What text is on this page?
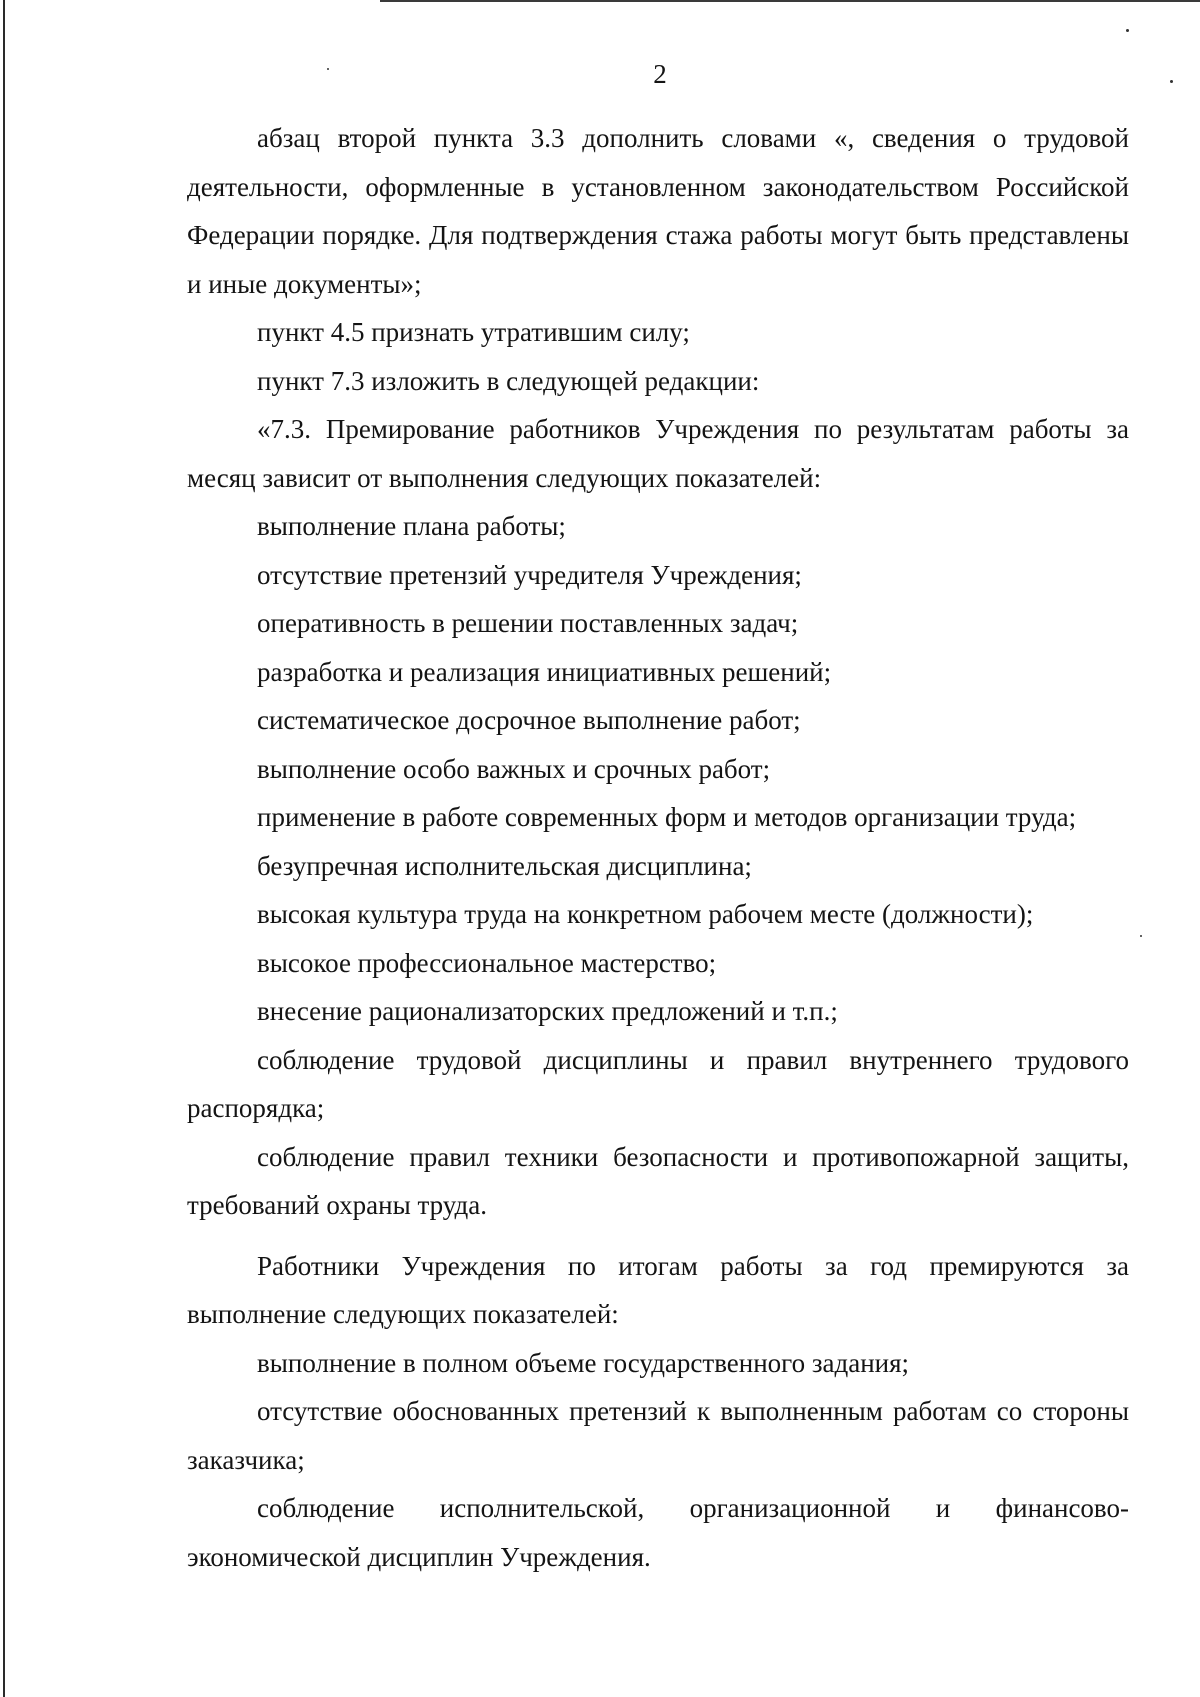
2

абзац второй пункта 3.3 дополнить словами «, сведения о трудовой деятельности, оформленные в установленном законодательством Российской Федерации порядке. Для подтверждения стажа работы могут быть представлены и иные документы»;

пункт 4.5 признать утратившим силу;

пункт 7.3 изложить в следующей редакции:

«7.3. Премирование работников Учреждения по результатам работы за месяц зависит от выполнения следующих показателей:

выполнение плана работы;

отсутствие претензий учредителя Учреждения;

оперативность в решении поставленных задач;

разработка и реализация инициативных решений;

систематическое досрочное выполнение работ;

выполнение особо важных и срочных работ;

применение в работе современных форм и методов организации труда;

безупречная исполнительская дисциплина;

высокая культура труда на конкретном рабочем месте (должности);

высокое профессиональное мастерство;

внесение рационализаторских предложений и т.п.;

соблюдение трудовой дисциплины и правил внутреннего трудового распорядка;

соблюдение правил техники безопасности и противопожарной защиты, требований охраны труда.

Работники Учреждения по итогам работы за год премируются за выполнение следующих показателей:

выполнение в полном объеме государственного задания;

отсутствие обоснованных претензий к выполненным работам со стороны заказчика;

соблюдение исполнительской, организационной и финансово-экономической дисциплин Учреждения.
